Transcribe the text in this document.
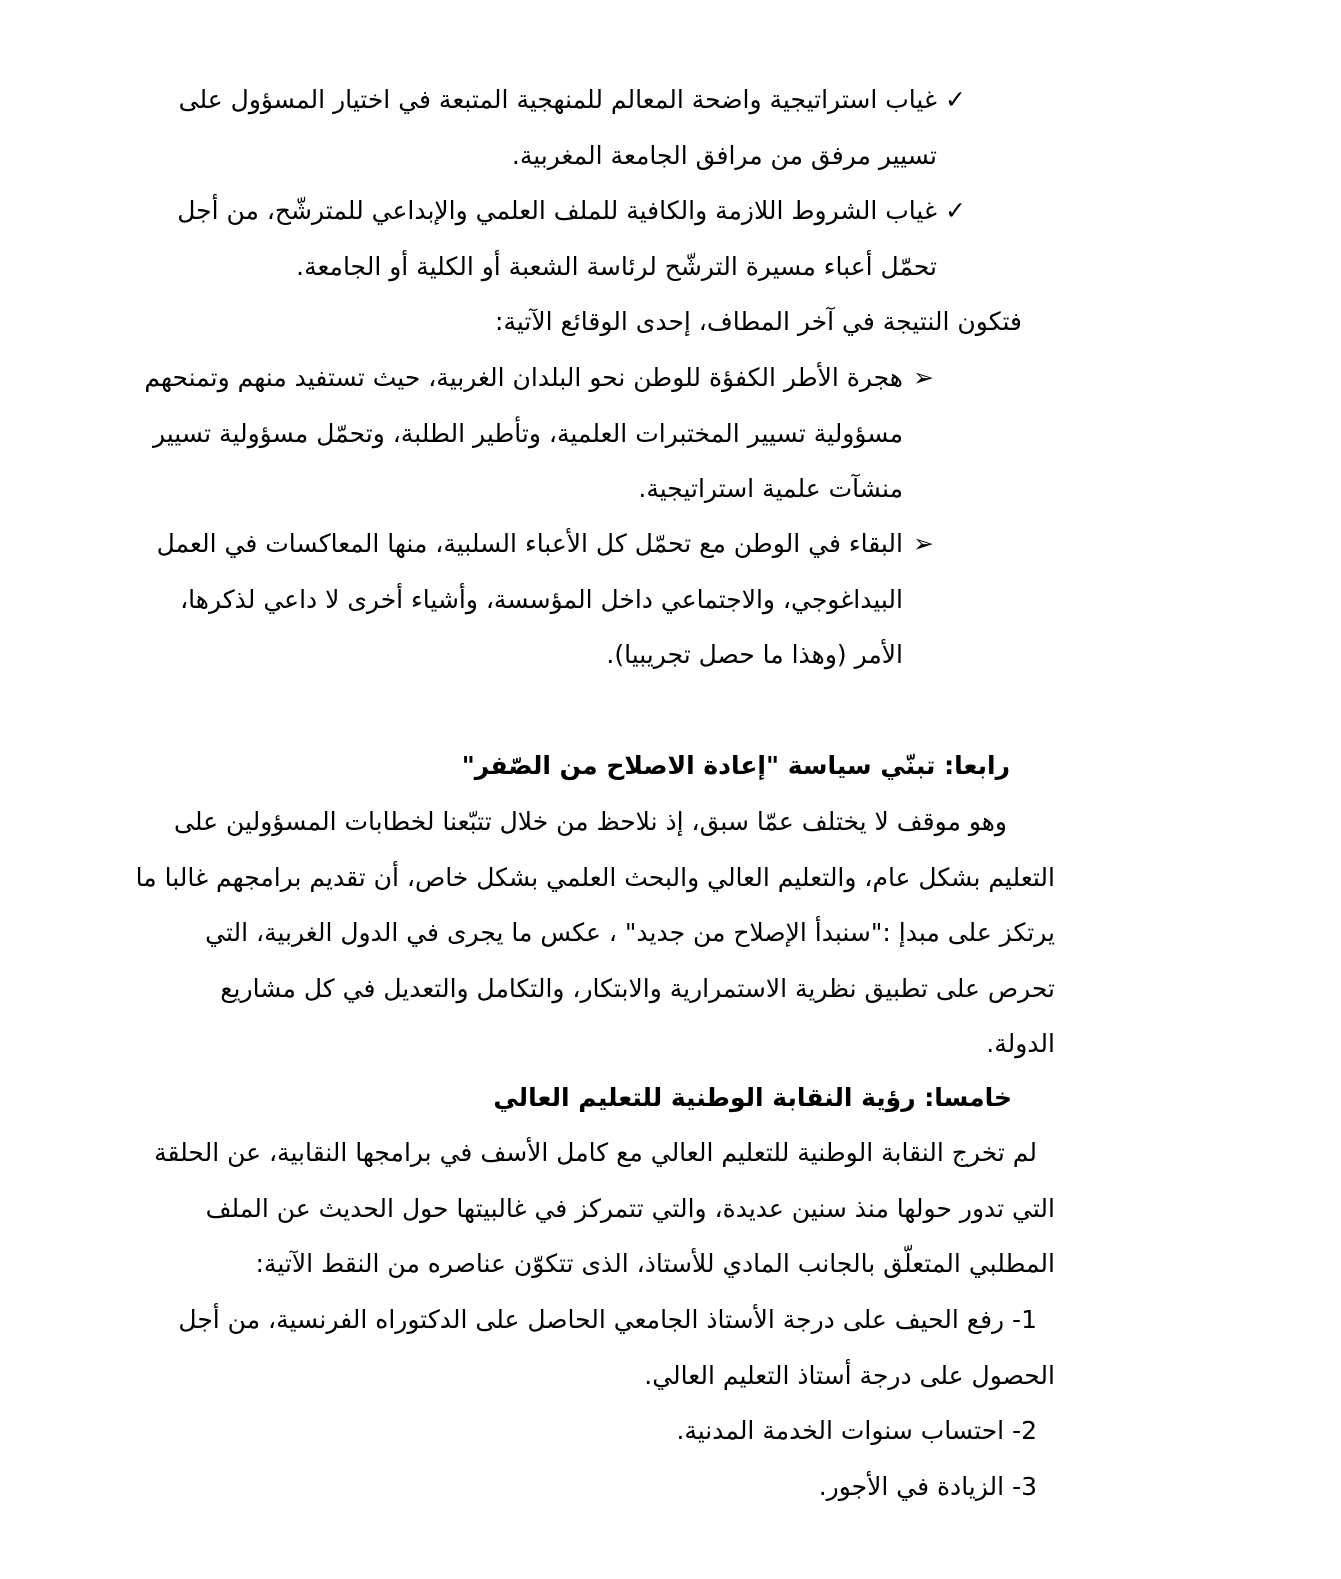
✓
غياب استراتيجية واضحة المعالم للمنهجية المتبعة في اختيار المسؤول على
تسيير مرفق من مرافق الجامعة المغربية.
✓
غياب الشروط اللازمة والكافية للملف العلمي والإبداعي للمترشّح، من أجل
تحمّل أعباء مسيرة الترشّح لرئاسة الشعبة أو الكلية أو الجامعة.
فتكون النتيجة في آخر المطاف، إحدى الوقائع الآتية:
➢
هجرة الأطر الكفؤة للوطن نحو البلدان الغربية، حيث تستفيد منهم وتمنحهم
مسؤولية تسيير المختبرات العلمية، وتأطير الطلبة، وتحمّل مسؤولية تسيير
منشآت علمية استراتيجية.
➢
البقاء في الوطن مع تحمّل كل الأعباء السلبية، منها المعاكسات في العمل
البيداغوجي، والاجتماعي داخل المؤسسة، وأشياء أخرى لا داعي لذكرها،
الأمر (وهذا ما حصل تجريبيا).
رابعا: تبنّي سياسة "إعادة الاصلاح من الصّفر"
وهو موقف لا يختلف عمّا سبق، إذ نلاحظ من خلال تتبّعنا لخطابات المسؤولين على
التعليم بشكل عام، والتعليم العالي والبحث العلمي بشكل خاص، أن تقديم برامجهم غالبا ما
يرتكز على مبدإ :"سنبدأ الإصلاح من جديد" ، عكس ما يجرى في الدول الغربية، التي
تحرص على تطبيق نظرية الاستمرارية والابتكار، والتكامل والتعديل في كل مشاريع
الدولة.
خامسا: رؤية النقابة الوطنية للتعليم العالي
لم تخرج النقابة الوطنية للتعليم العالي مع كامل الأسف في برامجها النقابية، عن الحلقة
التي تدور حولها منذ سنين عديدة، والتي تتمركز في غالبيتها حول الحديث عن الملف
المطلبي المتعلّق بالجانب المادي للأستاذ، الذى تتكوّن عناصره من النقط الآتية:
1- رفع الحيف على درجة الأستاذ الجامعي الحاصل على الدكتوراه الفرنسية، من أجل
الحصول على درجة أستاذ التعليم العالي.
2- احتساب سنوات الخدمة المدنية.
3- الزيادة في الأجور.
